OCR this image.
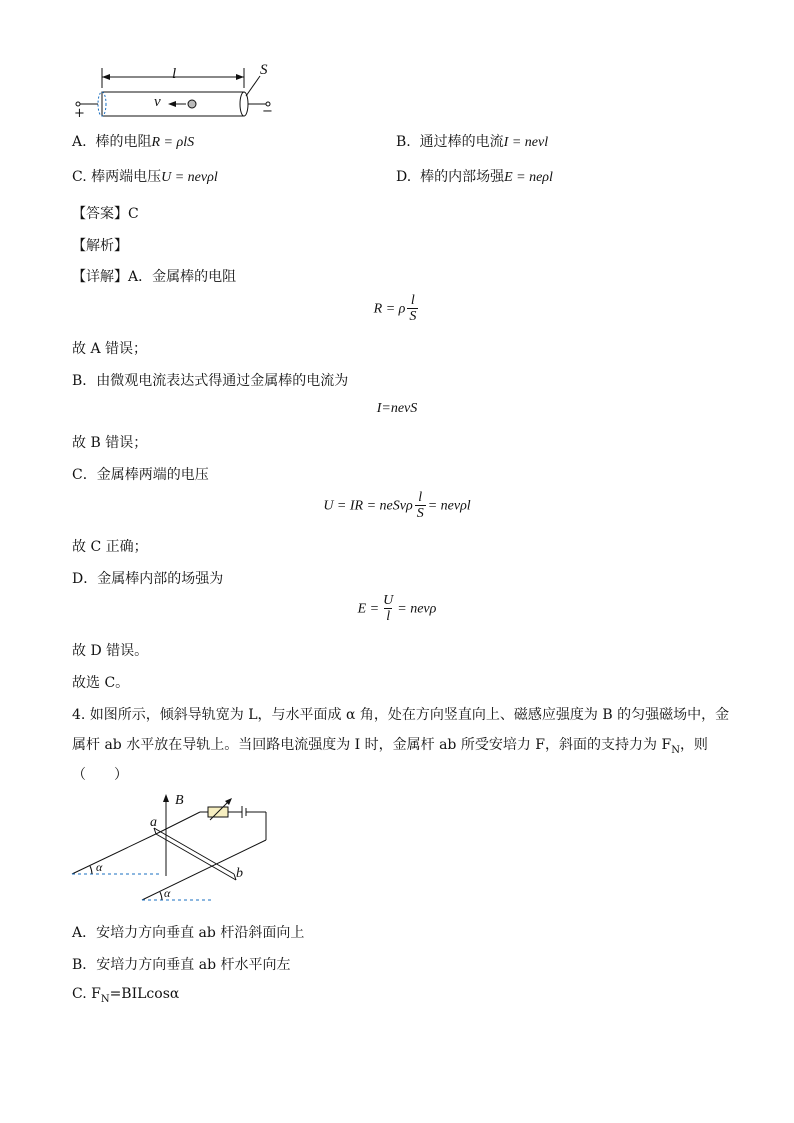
l	S
v
+	−
A. 棒的电阻R = ρlS	B. 通过棒的电流I = nevl
C. 棒两端电压U = nevρl	D. 棒的内部场强E = neρl
【答案】C
【解析】
【详解】A．金属棒的电阻
R = ρ $\frac{l}{S}$
故 A 错误；
B．由微观电流表达式得通过金属棒的电流为
I=nevS
故 B 错误；
C．金属棒两端的电压
U = IR = neSvρ $\frac{l}{S} = nev\rho l$
故 C 正确；
D．金属棒内部的场强为
$E = \frac{U}{l} = nev\rho$
故 D 错误。
故选 C。
4. 如图所示，倾斜导轨宽为 L，与水平面成 α 角，处在方向竖直向上、磁感应强度为 B 的匀强磁场中，金
属杆 ab 水平放在导轨上。当回路电流强度为 I 时，金属杆 ab 所受安培力 F，斜面的支持力为 $F_N$，则
（　　）
B
a
b
α
α
A．安培力方向垂直 ab 杆沿斜面向上
B．安培力方向垂直 ab 杆水平向左
C. $F_N=BILcos\alpha$
